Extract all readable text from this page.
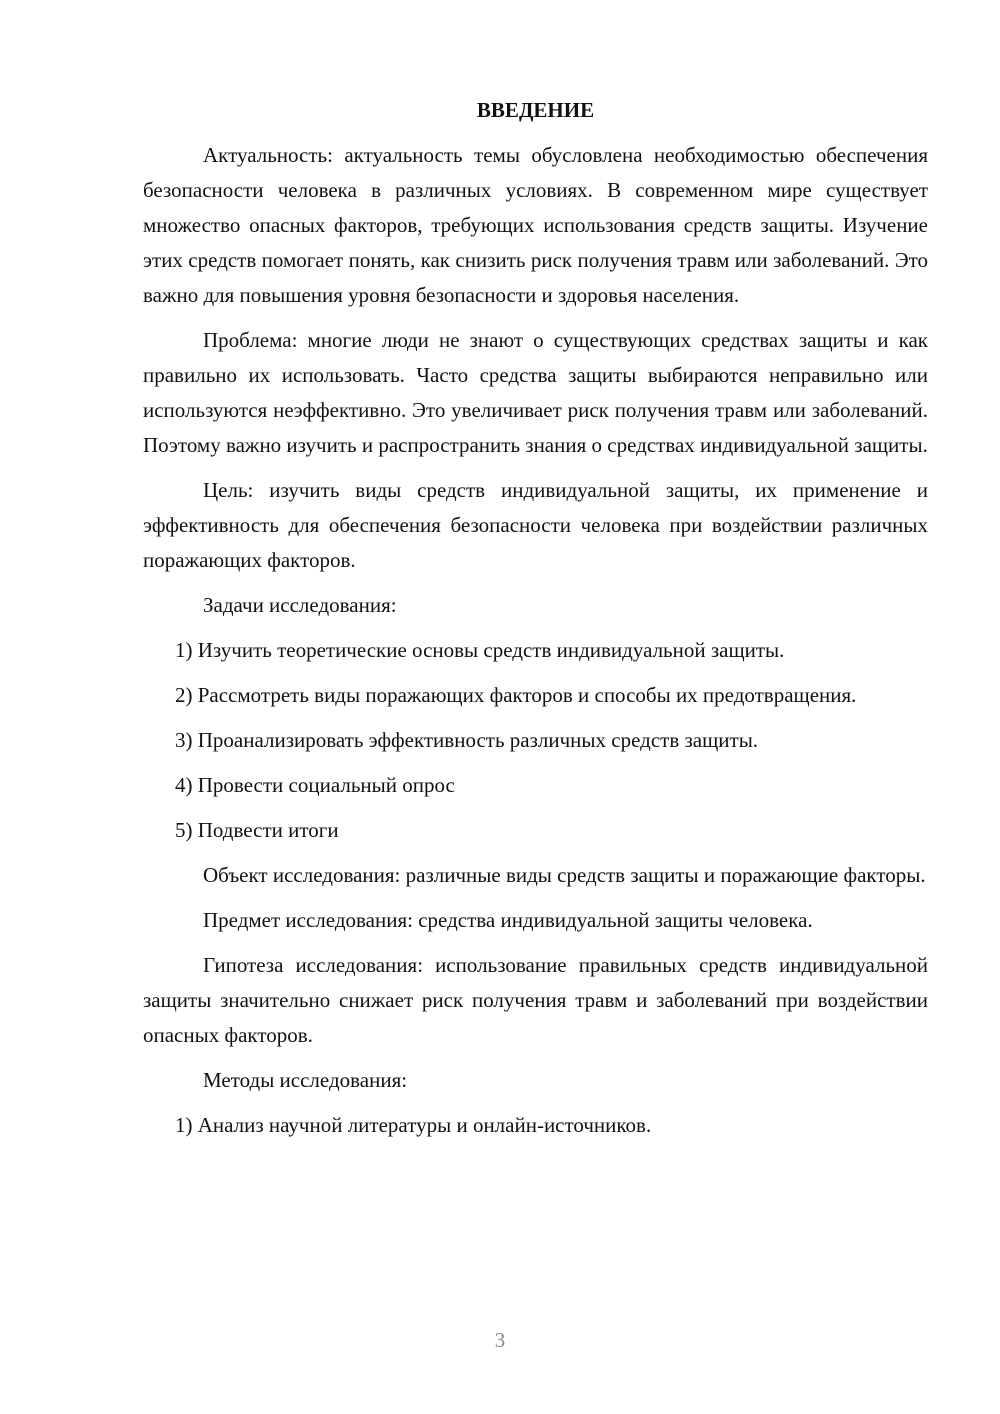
ВВЕДЕНИЕ

Актуальность: актуальность темы обусловлена необходимостью обеспечения безопасности человека в различных условиях. В современном мире существует множество опасных факторов, требующих использования средств защиты. Изучение этих средств помогает понять, как снизить риск получения травм или заболеваний. Это важно для повышения уровня безопасности и здоровья населения.

Проблема: многие люди не знают о существующих средствах защиты и как правильно их использовать. Часто средства защиты выбираются неправильно или используются неэффективно. Это увеличивает риск получения травм или заболеваний. Поэтому важно изучить и распространить знания о средствах индивидуальной защиты.

Цель: изучить виды средств индивидуальной защиты, их применение и эффективность для обеспечения безопасности человека при воздействии различных поражающих факторов.

Задачи исследования:

1) Изучить теоретические основы средств индивидуальной защиты.

2) Рассмотреть виды поражающих факторов и способы их предотвращения.

3) Проанализировать эффективность различных средств защиты.

4) Провести социальный опрос

5) Подвести итоги

Объект исследования: различные виды средств защиты и поражающие факторы.

Предмет исследования: средства индивидуальной защиты человека.

Гипотеза исследования: использование правильных средств индивидуальной защиты значительно снижает риск получения травм и заболеваний при воздействии опасных факторов.

Методы исследования:

1) Анализ научной литературы и онлайн-источников.

3
